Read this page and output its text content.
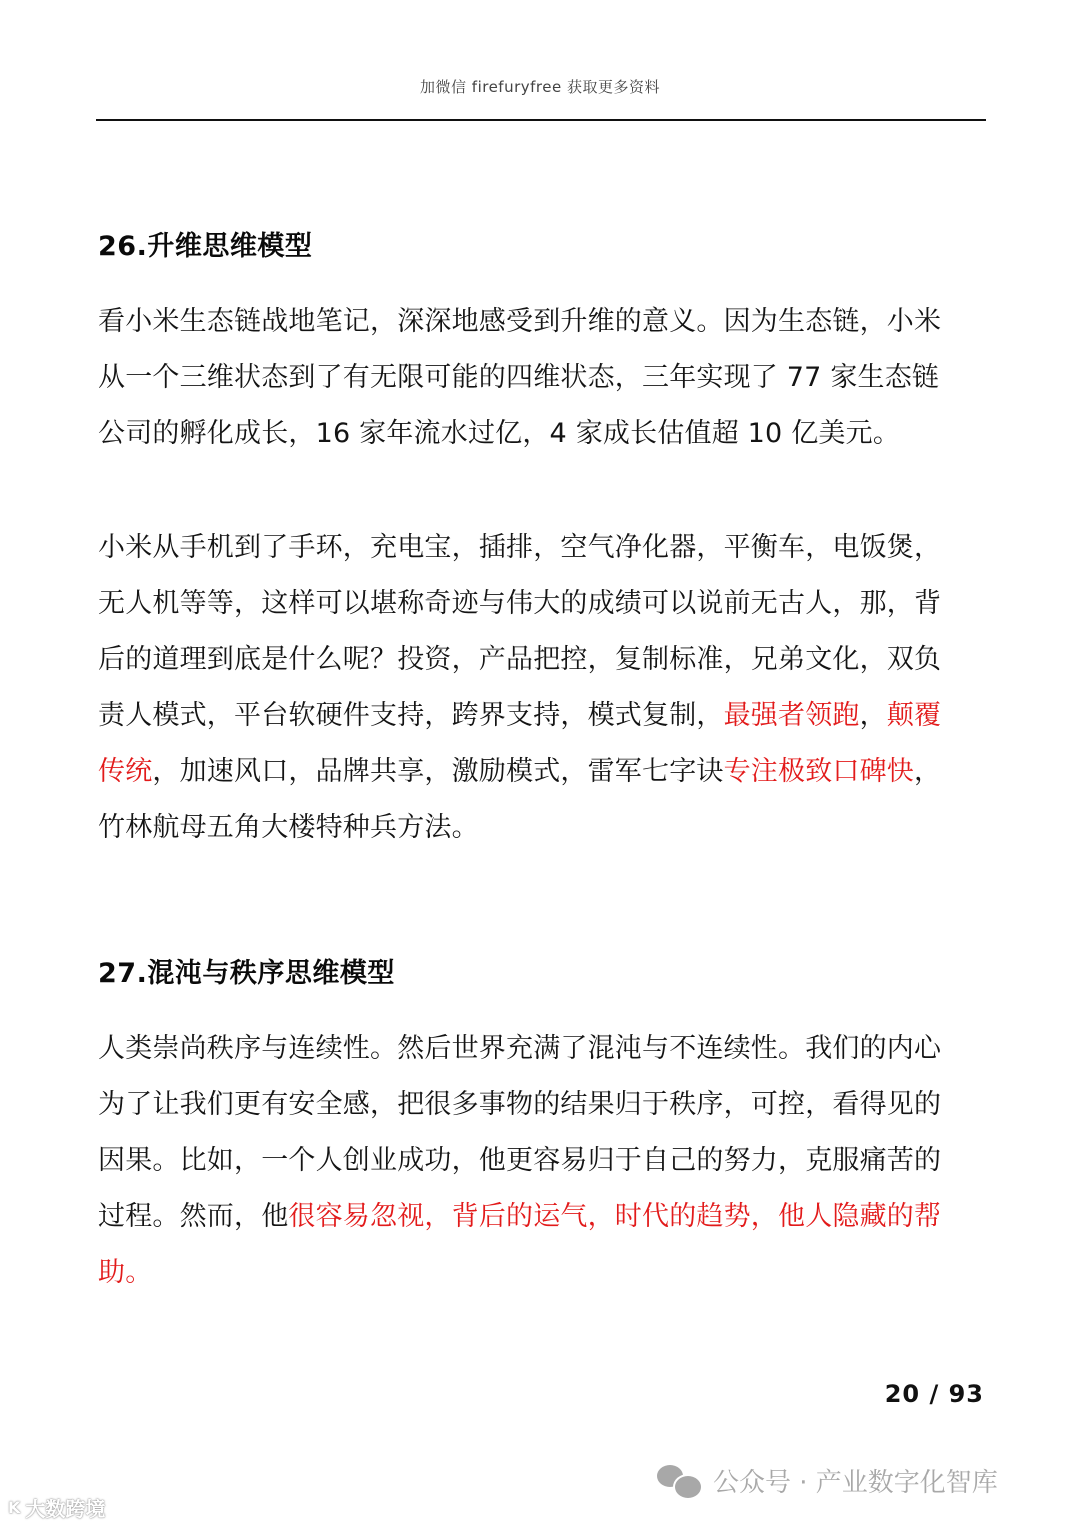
加微信 firefuryfree 获取更多资料
26.升维思维模型
看小米生态链战地笔记，深深地感受到升维的意义。因为生态链，小米
从一个三维状态到了有无限可能的四维状态，三年实现了 77 家生态链
公司的孵化成长，16 家年流水过亿，4 家成长估值超 10 亿美元。
小米从手机到了手环，充电宝，插排，空气净化器，平衡车，电饭煲，
无人机等等，这样可以堪称奇迹与伟大的成绩可以说前无古人，那，背
后的道理到底是什么呢？投资，产品把控，复制标准，兄弟文化，双负
责人模式，平台软硬件支持，跨界支持，模式复制，最强者领跑，颠覆
传统，加速风口，品牌共享，激励模式，雷军七字诀专注极致口碑快，
竹林航母五角大楼特种兵方法。
27.混沌与秩序思维模型
人类崇尚秩序与连续性。然后世界充满了混沌与不连续性。我们的内心
为了让我们更有安全感，把很多事物的结果归于秩序，可控，看得见的
因果。比如，一个人创业成功，他更容易归于自己的努力，克服痛苦的
过程。然而，他很容易忽视，背后的运气，时代的趋势，他人隐藏的帮
助。
20 / 93
K 大数跨境
公众号 · 产业数字化智库
